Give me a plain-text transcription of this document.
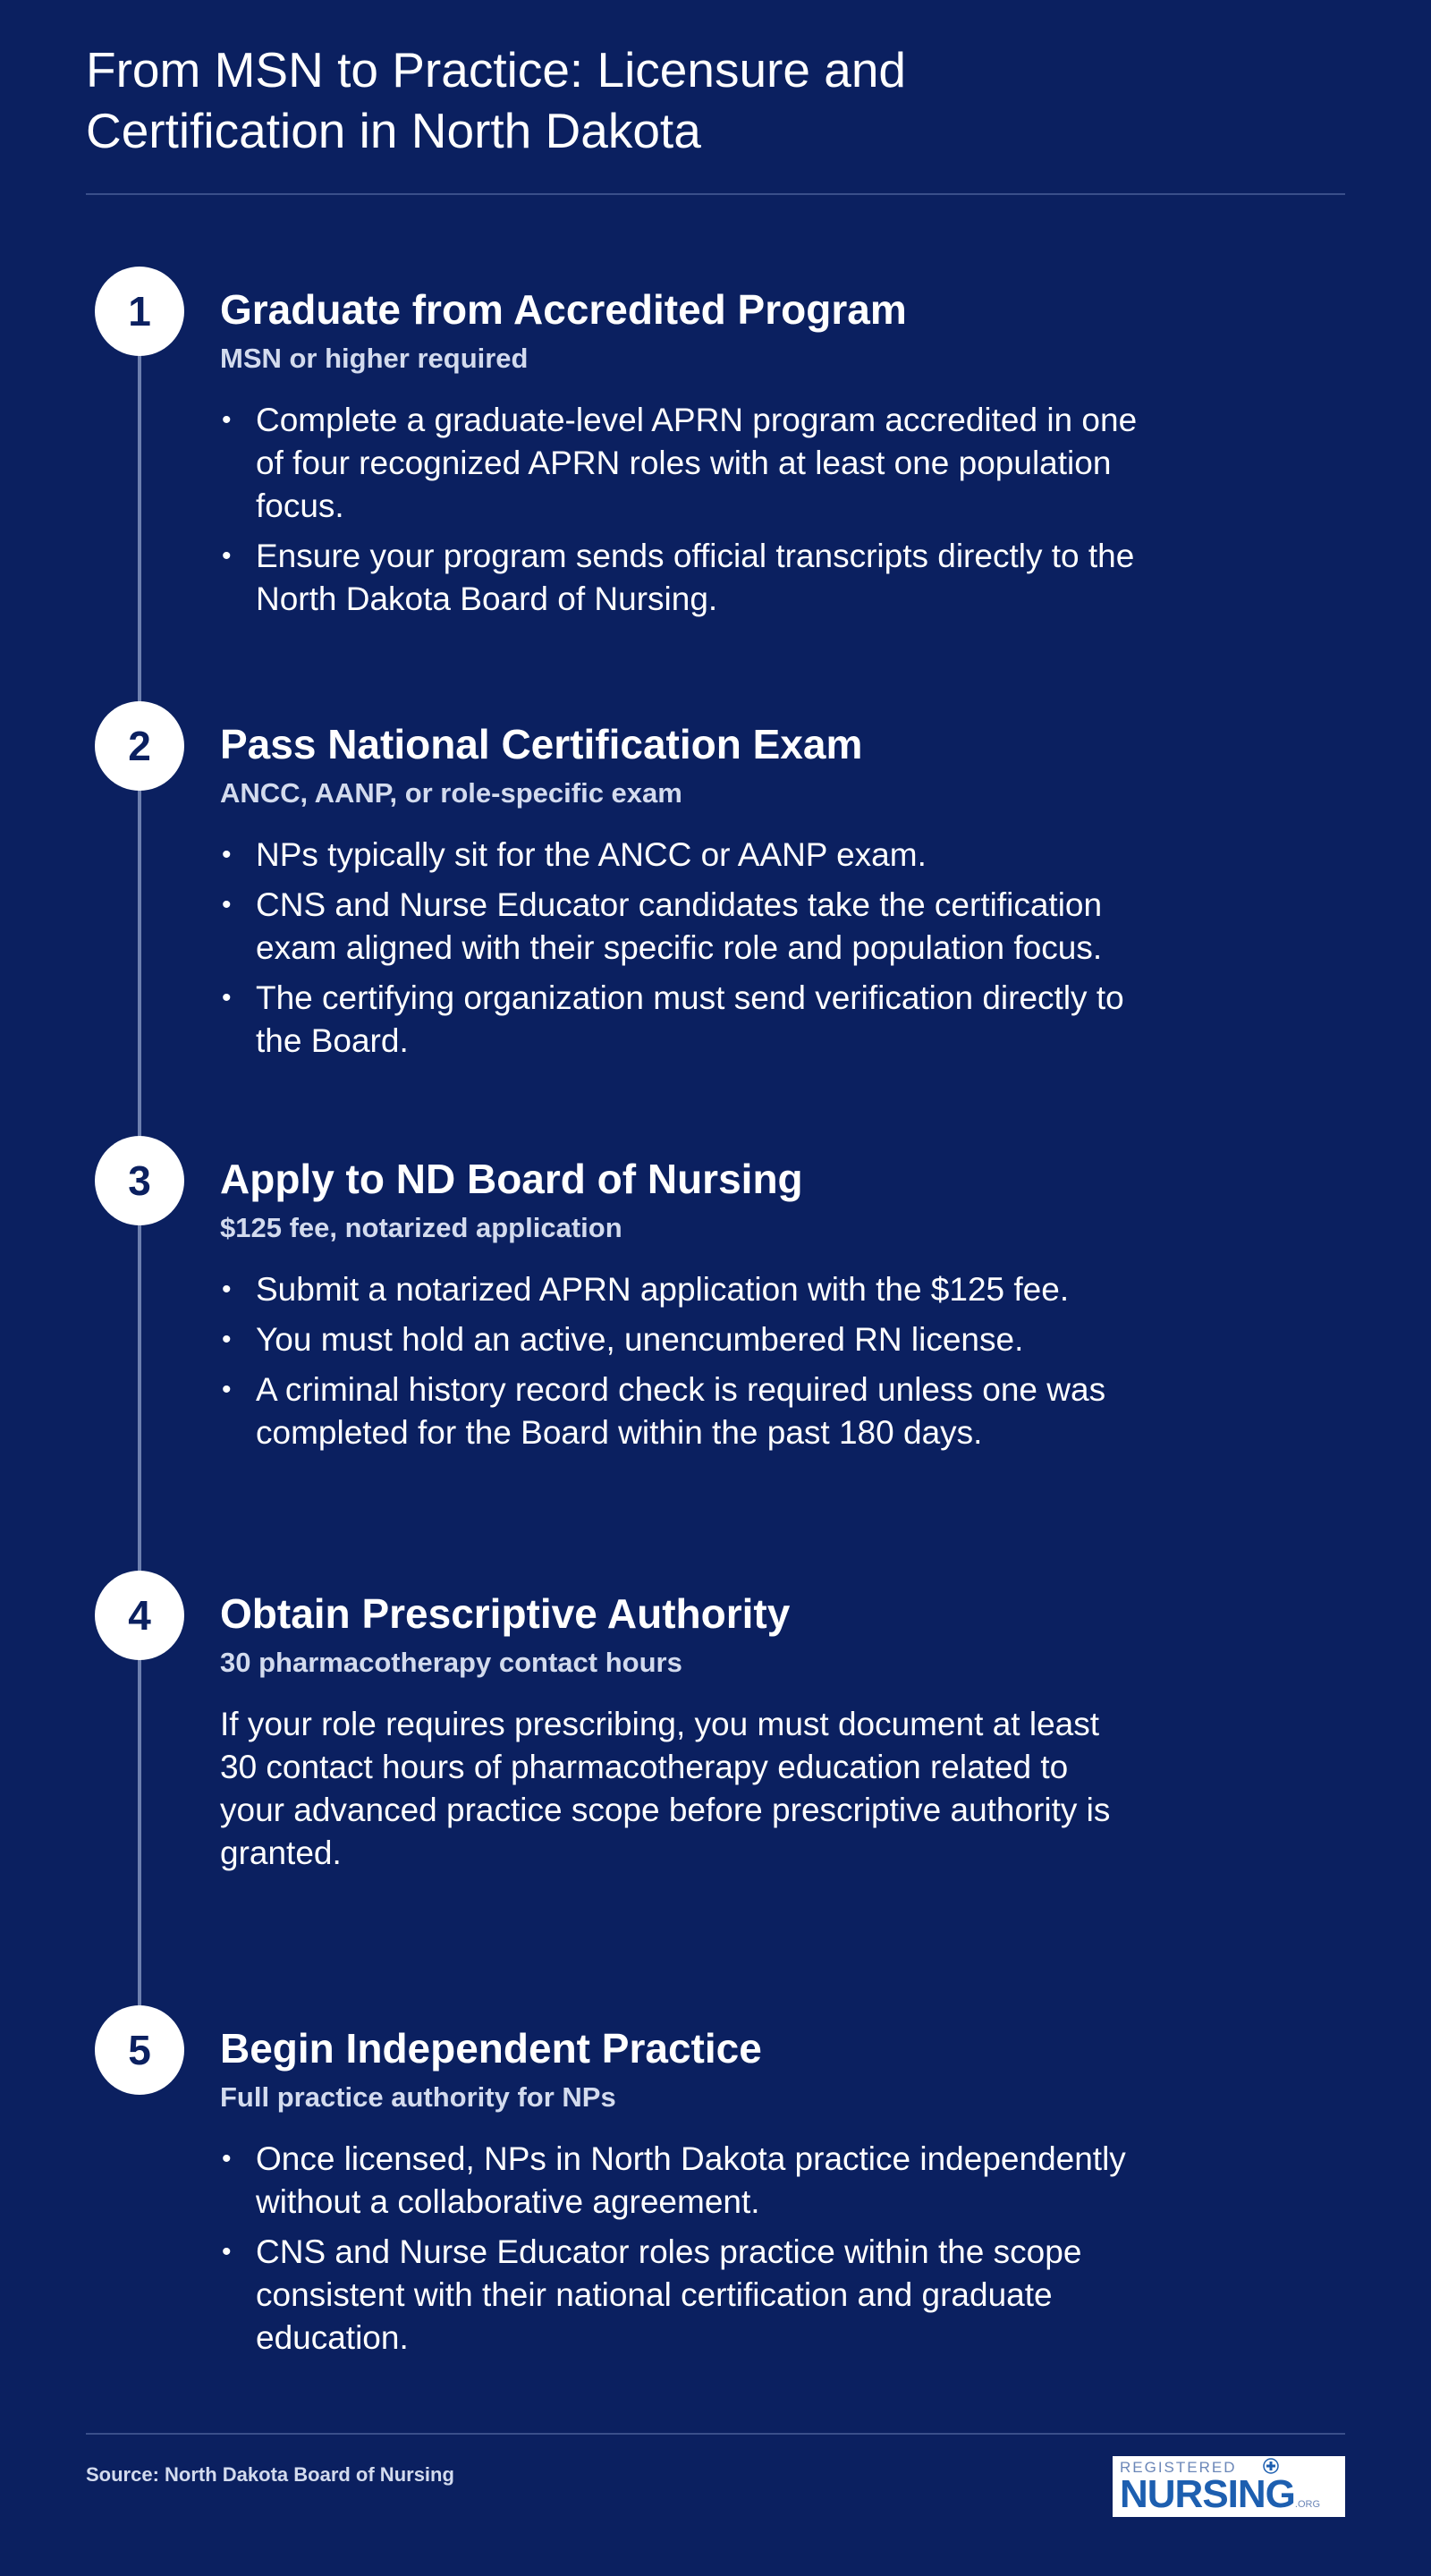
From MSN to Practice: Licensure and Certification in North Dakota
1	Graduate from Accredited Program
MSN or higher required
• Complete a graduate-level APRN program accredited in one of four recognized APRN roles with at least one population focus.
• Ensure your program sends official transcripts directly to the North Dakota Board of Nursing.
2	Pass National Certification Exam
ANCC, AANP, or role-specific exam
• NPs typically sit for the ANCC or AANP exam.
• CNS and Nurse Educator candidates take the certification exam aligned with their specific role and population focus.
• The certifying organization must send verification directly to the Board.
3	Apply to ND Board of Nursing
$125 fee, notarized application
• Submit a notarized APRN application with the $125 fee.
• You must hold an active, unencumbered RN license.
• A criminal history record check is required unless one was completed for the Board within the past 180 days.
4	Obtain Prescriptive Authority
30 pharmacotherapy contact hours

If your role requires prescribing, you must document at least 30 contact hours of pharmacotherapy education related to your advanced practice scope before prescriptive authority is granted.

5	Begin Independent Practice
Full practice authority for NPs
• Once licensed, NPs in North Dakota practice independently without a collaborative agreement.
• CNS and Nurse Educator roles practice within the scope consistent with their national certification and graduate education.
Source: North Dakota Board of Nursing	REGISTERED
NURSING.ORG
